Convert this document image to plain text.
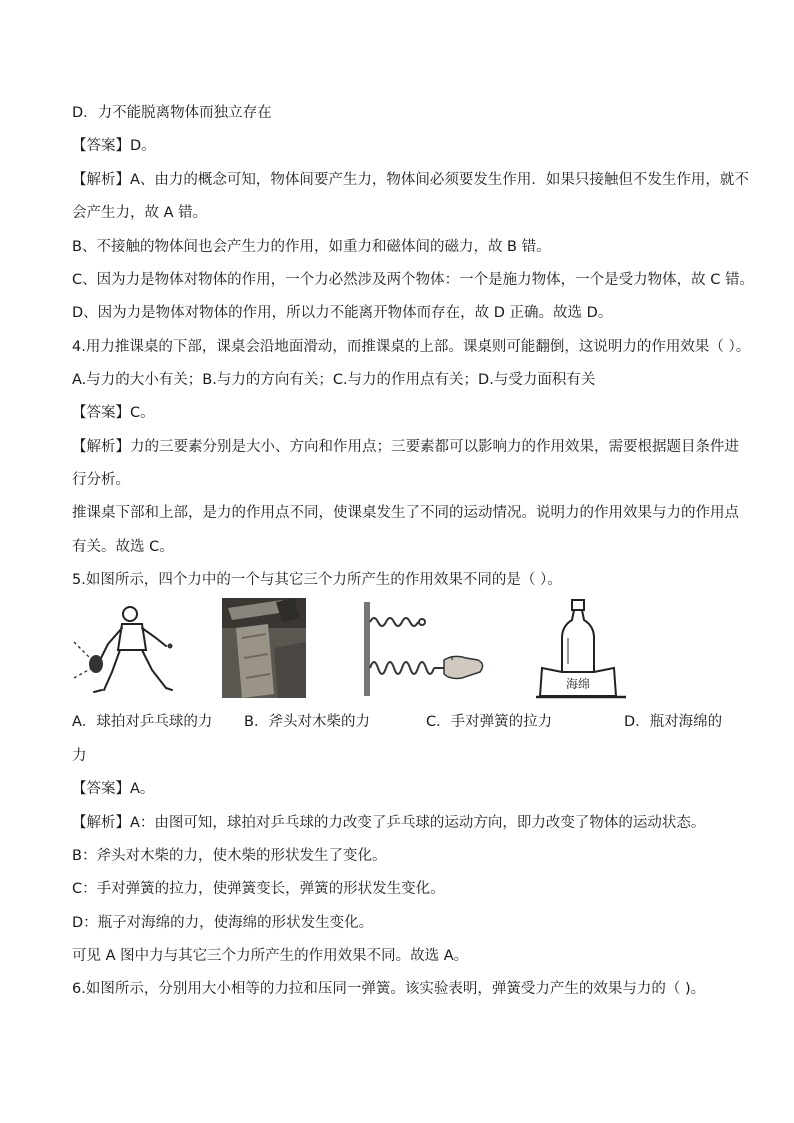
D．力不能脱离物体而独立存在
【答案】D。
【解析】A、由力的概念可知，物体间要产生力，物体间必须要发生作用．如果只接触但不发生作用，就不
会产生力，故 A 错。
B、不接触的物体间也会产生力的作用，如重力和磁体间的磁力，故 B 错。
C、因为力是物体对物体的作用，一个力必然涉及两个物体：一个是施力物体，一个是受力物体，故 C 错。
D、因为力是物体对物体的作用，所以力不能离开物体而存在，故 D 正确。故选 D。
4.用力推课桌的下部，课桌会沿地面滑动，而推课桌的上部。课桌则可能翻倒，这说明力的作用效果（ ）。
A.与力的大小有关；B.与力的方向有关；C.与力的作用点有关；D.与受力面积有关
【答案】C。
【解析】力的三要素分别是大小、方向和作用点；三要素都可以影响力的作用效果，需要根据题目条件进
行分析。
推课桌下部和上部，是力的作用点不同，使课桌发生了不同的运动情况。说明力的作用效果与力的作用点
有关。故选 C。
5.如图所示，四个力中的一个与其它三个力所产生的作用效果不同的是（ ）。
海绵
A．球拍对乒乓球的力 B．斧头对木柴的力	C．手对弹簧的拉力	D．瓶对海绵的
力
【答案】A。
【解析】A：由图可知，球拍对乒乓球的力改变了乒乓球的运动方向，即力改变了物体的运动状态。
B：斧头对木柴的力，使木柴的形状发生了变化。
C：手对弹簧的拉力，使弹簧变长，弹簧的形状发生变化。
D：瓶子对海绵的力，使海绵的形状发生变化。
可见 A 图中力与其它三个力所产生的作用效果不同。故选 A。
6.如图所示，分别用大小相等的力拉和压同一弹簧。该实验表明，弹簧受力产生的效果与力的（ )。
